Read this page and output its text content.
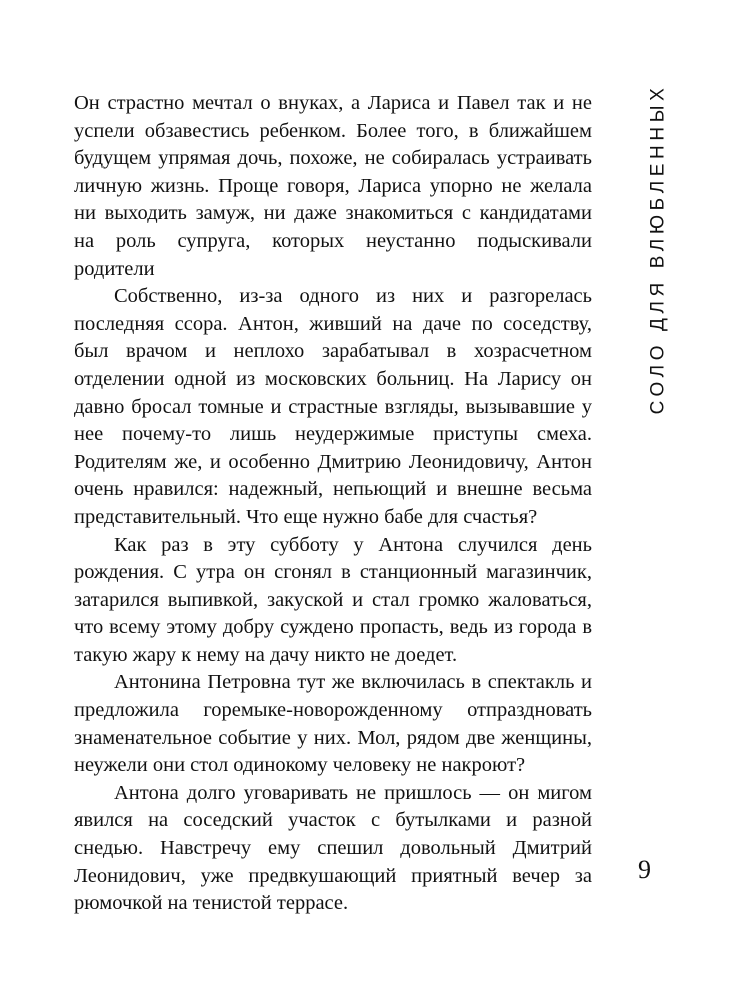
Он страстно мечтал о внуках, а Лариса и Павел так и не успели обзавестись ребенком. Более того, в ближайшем будущем упрямая дочь, похоже, не собиралась устраивать личную жизнь. Проще говоря, Лариса упорно не желала ни выходить замуж, ни даже знакомиться с кандидатами на роль супруга, которых неустанно подыскивали родители

Собственно, из-за одного из них и разгорелась последняя ссора. Антон, живший на даче по соседству, был врачом и неплохо зарабатывал в хозрасчетном отделении одной из московских больниц. На Ларису он давно бросал томные и страстные взгляды, вызывавшие у нее почему-то лишь неудержимые приступы смеха. Родителям же, и особенно Дмитрию Леонидовичу, Антон очень нравился: надежный, непьющий и внешне весьма представительный. Что еще нужно бабе для счастья?

Как раз в эту субботу у Антона случился день рождения. С утра он сгонял в станционный магазинчик, затарился выпивкой, закуской и стал громко жаловаться, что всему этому добру суждено пропасть, ведь из города в такую жару к нему на дачу никто не доедет.

Антонина Петровна тут же включилась в спектакль и предложила горемыке-новорожденному отпраздновать знаменательное событие у них. Мол, рядом две женщины, неужели они стол одинокому человеку не накроют?

Антона долго уговаривать не пришлось — он мигом явился на соседский участок с бутылками и разной снедью. Навстречу ему спешил довольный Дмитрий Леонидович, уже предвкушающий приятный вечер за рюмочкой на тенистой террасе.

СОЛО ДЛЯ ВЛЮБЛЕННЫХ
9
